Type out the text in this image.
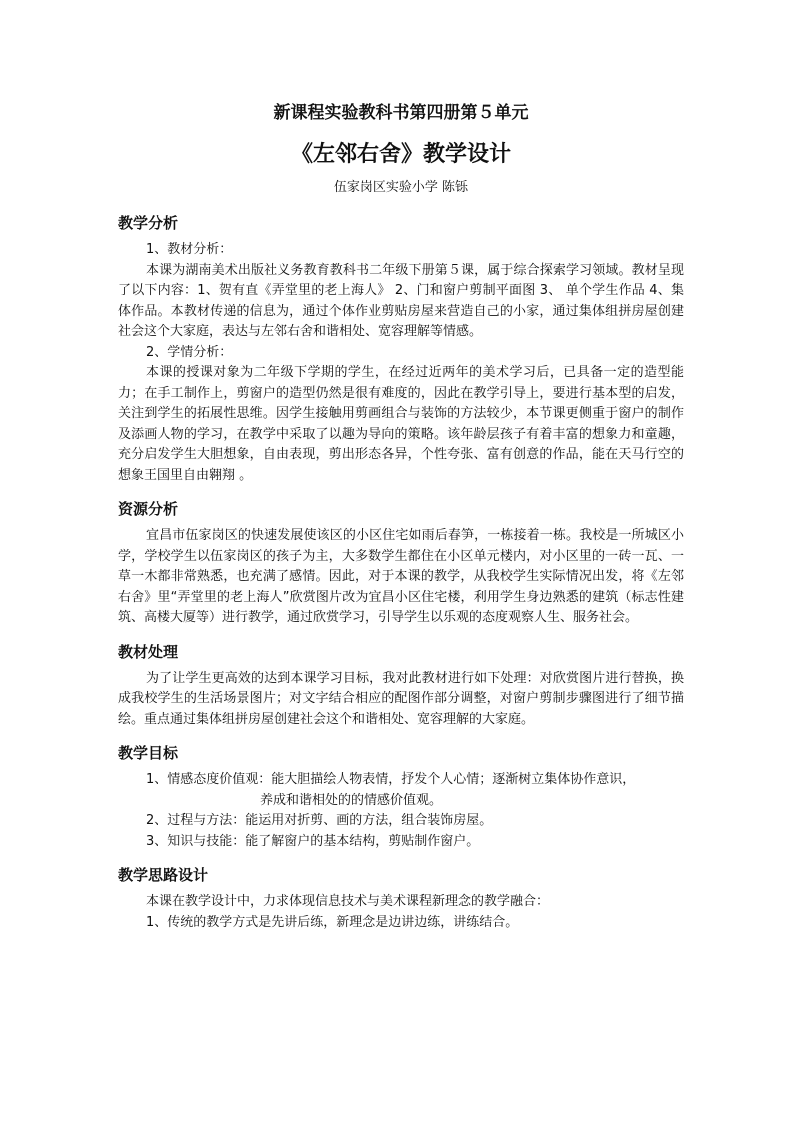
新课程实验教科书第四册第５单元
《左邻右舍》教学设计

伍家岗区实验小学 陈铄

教学分析

1、教材分析：

本课为湖南美术出版社义务教育教科书二年级下册第５课，属于综合探索学习领域。教材呈现了以下内容：1、贺有直《弄堂里的老上海人》 2、门和窗户剪制平面图 3、 单个学生作品 4、集体作品。本教材传递的信息为，通过个体作业剪贴房屋来营造自己的小家，通过集体组拼房屋创建社会这个大家庭，表达与左邻右舍和谐相处、宽容理解等情感。

2、学情分析：

本课的授课对象为二年级下学期的学生，在经过近两年的美术学习后，已具备一定的造型能力；在手工制作上，剪窗户的造型仍然是很有难度的，因此在教学引导上，要进行基本型的启发，关注到学生的拓展性思维。因学生接触用剪画组合与装饰的方法较少，本节课更侧重于窗户的制作及添画人物的学习，在教学中采取了以趣为导向的策略。该年龄层孩子有着丰富的想象力和童趣，充分启发学生大胆想象，自由表现，剪出形态各异，个性夸张、富有创意的作品，能在天马行空的想象王国里自由翱翔 。

资源分析

宜昌市伍家岗区的快速发展使该区的小区住宅如雨后春笋，一栋接着一栋。我校是一所城区小学，学校学生以伍家岗区的孩子为主，大多数学生都住在小区单元楼内，对小区里的一砖一瓦、一草一木都非常熟悉，也充满了感情。因此，对于本课的教学，从我校学生实际情况出发，将《左邻右舍》里“弄堂里的老上海人”欣赏图片改为宜昌小区住宅楼，利用学生身边熟悉的建筑（标志性建筑、高楼大厦等）进行教学，通过欣赏学习，引导学生以乐观的态度观察人生、服务社会。

教材处理

为了让学生更高效的达到本课学习目标，我对此教材进行如下处理：对欣赏图片进行替换，换成我校学生的生活场景图片；对文字结合相应的配图作部分调整，对窗户剪制步骤图进行了细节描绘。重点通过集体组拼房屋创建社会这个和谐相处、宽容理解的大家庭。

教学目标

1、情感态度价值观：能大胆描绘人物表情，抒发个人心情；逐渐树立集体协作意识，

养成和谐相处的的情感价值观。

2、过程与方法：能运用对折剪、画的方法，组合装饰房屋。

3、知识与技能：能了解窗户的基本结构，剪贴制作窗户。

教学思路设计

本课在教学设计中，力求体现信息技术与美术课程新理念的教学融合：

1、传统的教学方式是先讲后练，新理念是边讲边练，讲练结合。
